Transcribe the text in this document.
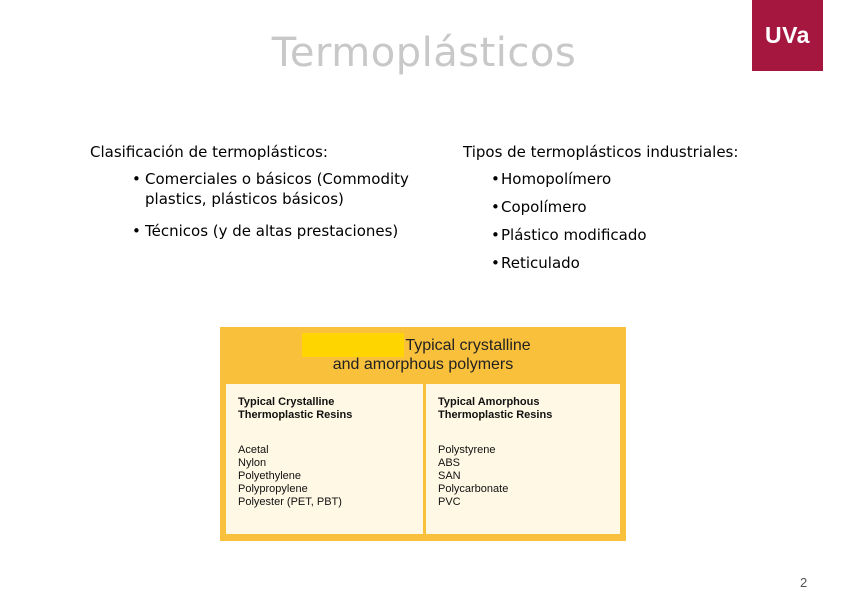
Termoplásticos	UVa
Clasificación de termoplásticos:
• Comerciales o básicos (Commodity plastics, plásticos básicos)
• Técnicos (y de altas prestaciones)
Tipos de termoplásticos industriales:
• Homopolímero
• Copolímero
• Plástico modificado
• Reticulado
Typical crystalline
and amorphous polymers
Typical Crystalline
Thermoplastic Resins
Acetal
Nylon
Polyethylene
Polypropylene
Polyester (PET, PBT)
Typical Amorphous
Thermoplastic Resins
Polystyrene
ABS
SAN
Polycarbonate
PVC
2
